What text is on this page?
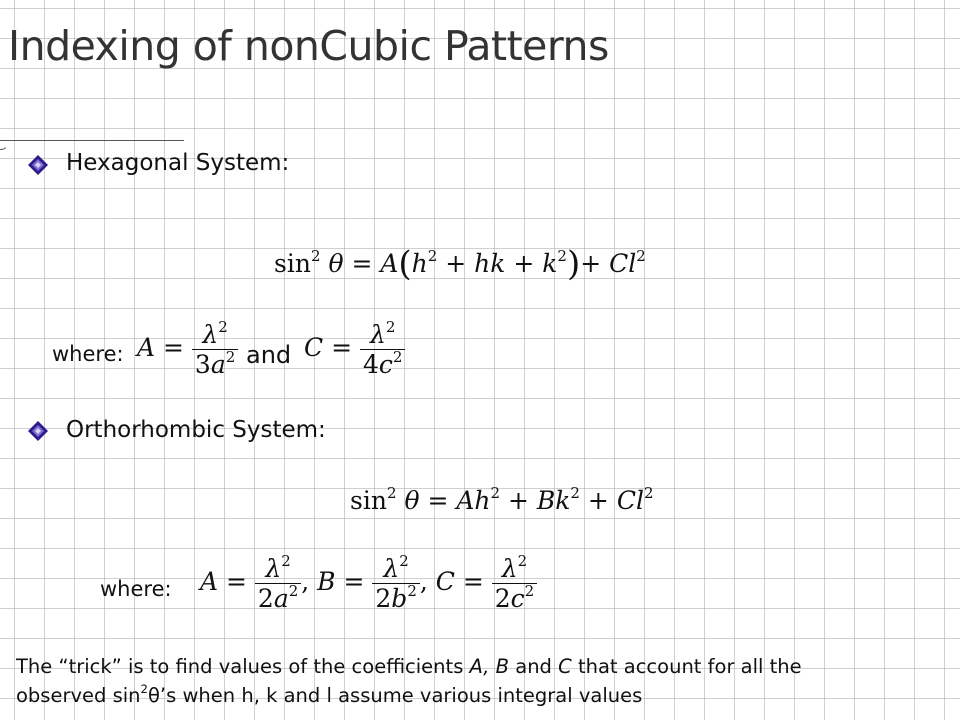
Indexing of nonCubic Patterns
Hexagonal System:
$\sin^2 \theta = A(h^2$ + hk + $k^2)+ Cl^2$
where: $A = \frac{\lambda^2}{3a^2}$ and $C = \frac{\lambda^2}{4c^2}$
Orthorhombic System:
$\sin^2 \theta = Ah^2 + Bk^2 + Cl^2$
where: $A = \frac{\lambda^2}{2a^2}$ , $B = \frac{\lambda^2}{2b^2}$ , $C = \frac{\lambda^2}{2c^2}$
The “trick” is to find values of the coefficients A, B and C that account for all the
observed $\sin^2\theta’s$ when h, k and l assume various integral values
